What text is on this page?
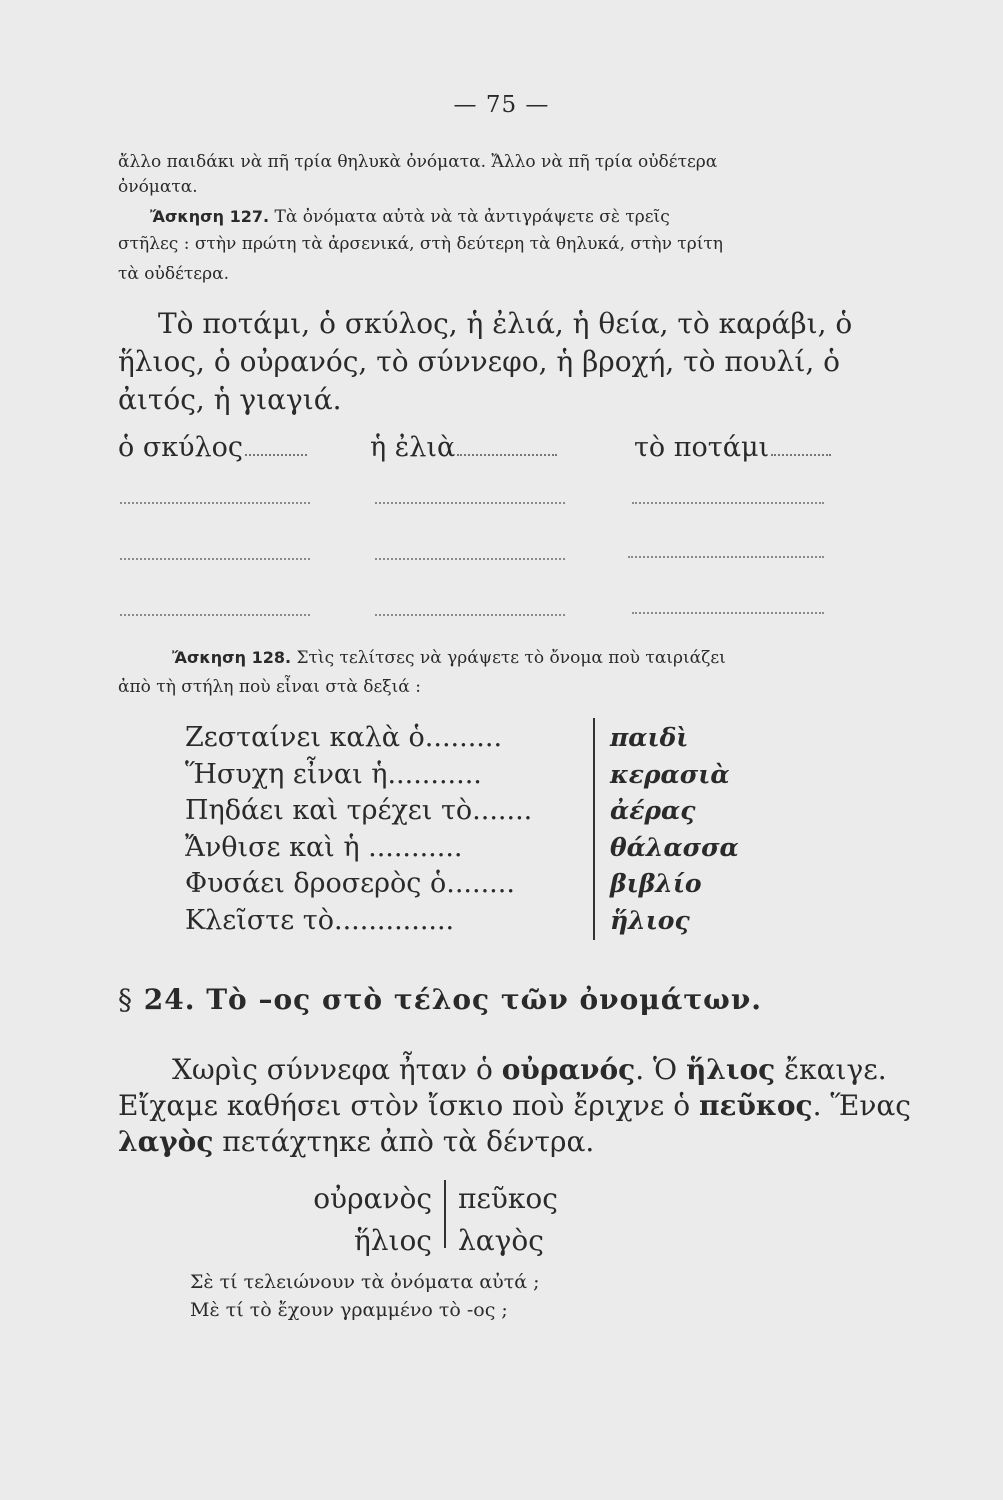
— 75 —
ἄλλο παιδάκι νὰ πῆ τρία θηλυκὰ ὀνόματα. Ἄλλο νὰ πῆ τρία οὐδέτερα
ὀνόματα.
Ἄσκηση 127. Τὰ ὀνόματα αὐτὰ νὰ τὰ ἀντιγράψετε σὲ τρεῖς
στῆλες : στὴν πρώτη τὰ ἀρσενικά, στὴ δεύτερη τὰ θηλυκά, στὴν τρίτη
τὰ οὐδέτερα.
Τὸ ποτάμι, ὁ σκύλος, ἡ ἐλιά, ἡ θεία, τὸ καράβι, ὁ
ἥλιος, ὁ οὐρανός, τὸ σύννεφο, ἡ βροχή, τὸ πουλί, ὁ
ἀιτός, ἡ γιαγιά.
ὁ σκύλος	ἡ ἐλιὰ	τὸ ποτάμι
Ἄσκηση 128. Στὶς τελίτσες νὰ γράψετε τὸ ὄνομα ποὺ ταιριάζει
ἀπὸ τὴ στήλη ποὺ εἶναι στὰ δεξιά :
Ζεσταίνει καλὰ ὁ.........
Ἥσυχη εἶναι ἡ...........
Πηδάει καὶ τρέχει τὸ.......
Ἄνθισε καὶ ἡ ...........
Φυσάει δροσερὸς ὁ........
Κλεῖστε τὸ..............
παιδὶ
κερασιὰ
ἀέρας
θάλασσα
βιβλίο
ἥλιος
§ 24. Τὸ –ος στὸ τέλος τῶν ὀνομάτων.
Χωρὶς σύννεφα ἦταν ὁ οὐρανός. Ὁ ἥλιος ἔκαιγε.
Εἴχαμε καθήσει στὸν ἴσκιο ποὺ ἔριχνε ὁ πεῦκος. Ἕνας
λαγὸς πετάχτηκε ἀπὸ τὰ δέντρα.
οὐρανὸς
ἥλιος
πεῦκος
λαγὸς
Σὲ τί τελειώνουν τὰ ὀνόματα αὐτά ;
Μὲ τί τὸ ἔχουν γραμμένο τὸ -ος ;
